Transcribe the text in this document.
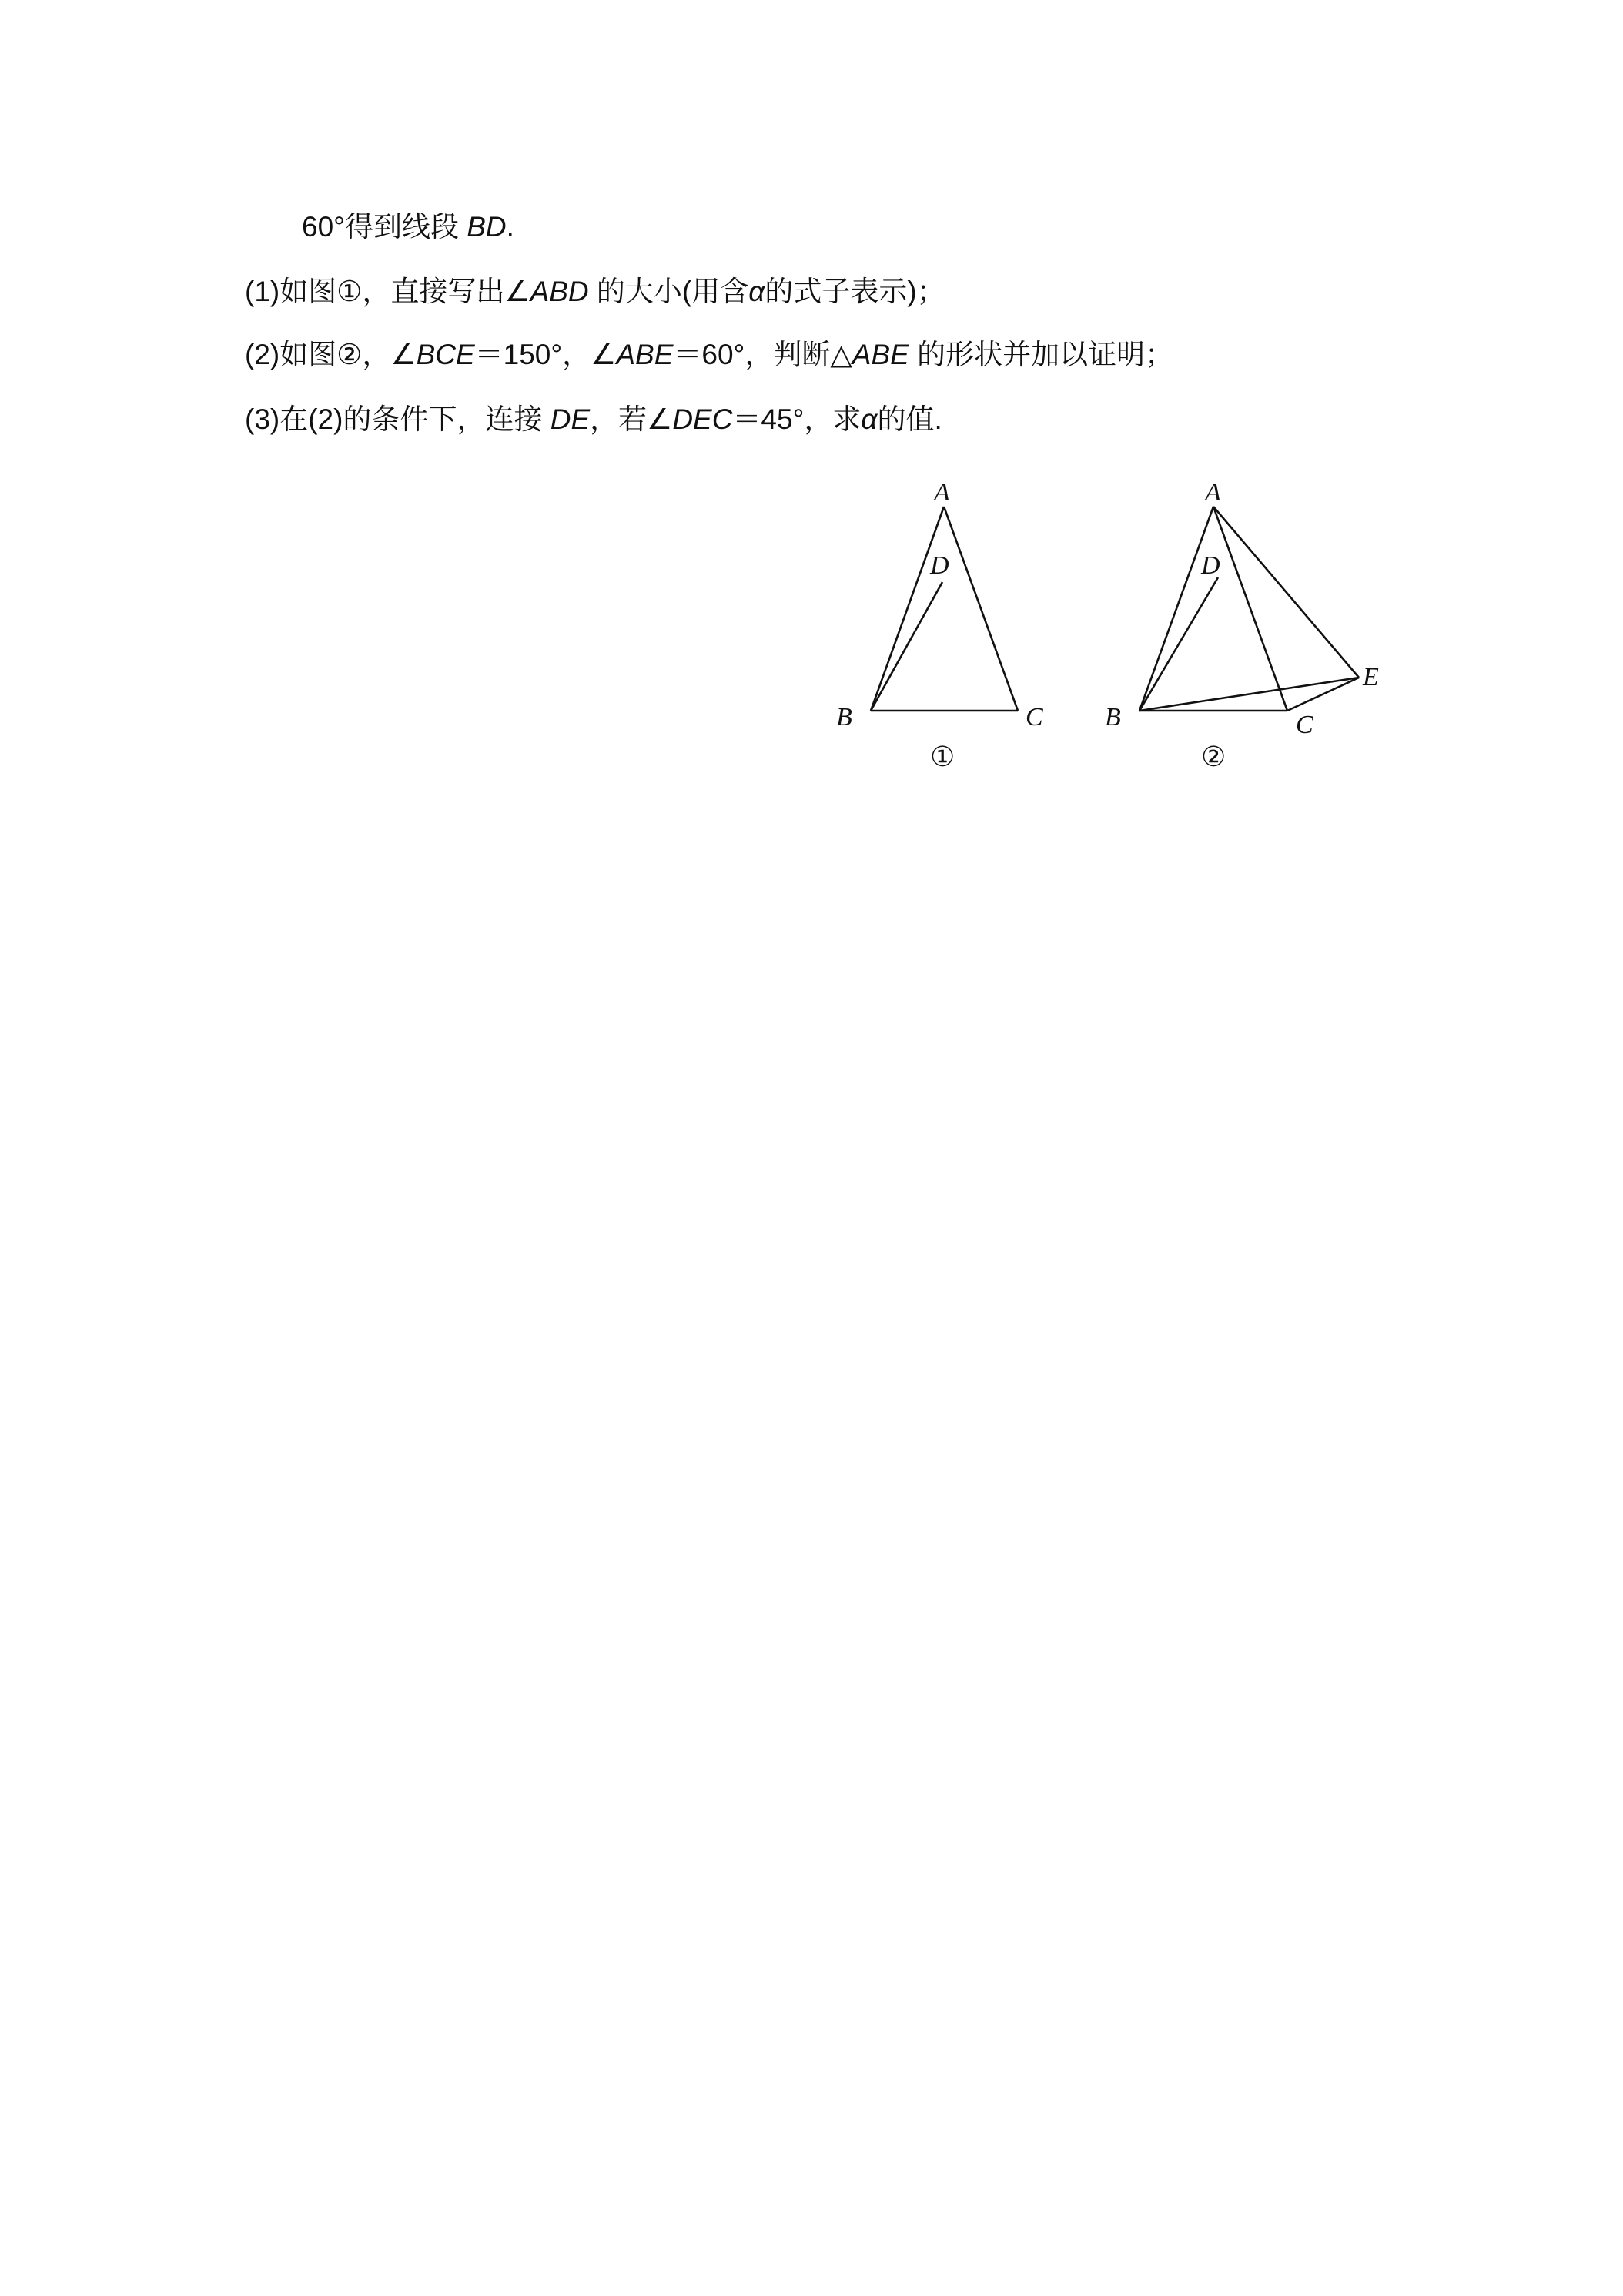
60°得到线段 BD.
(1)如图①，直接写出∠ABD 的大小(用含α的式子表示)；
(2)如图②，∠BCE＝150°，∠ABE＝60°，判断△ABE 的形状并加以证明；
(3)在(2)的条件下，连接 DE，若∠DEC＝45°，求α的值.
A
D
B	C
①
A
D
B	C
E
②
